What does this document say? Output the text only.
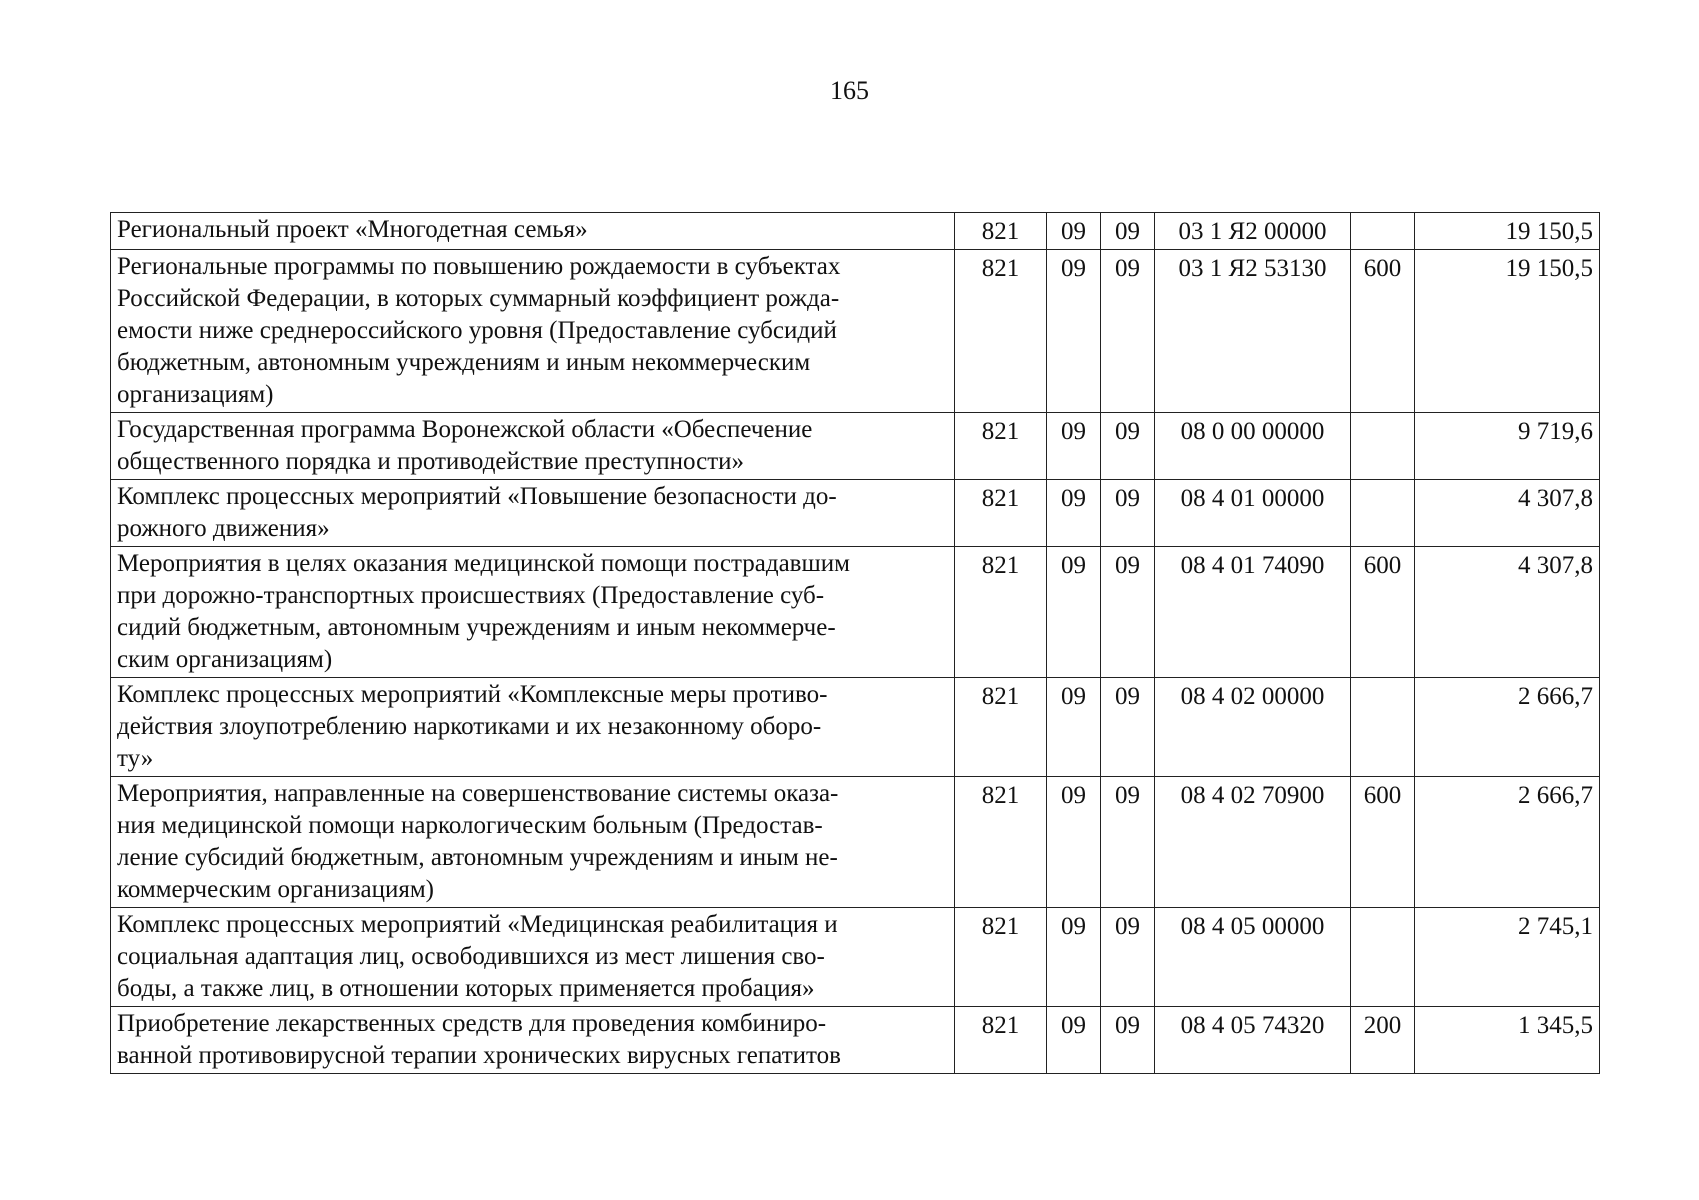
165
Региональный проект «Многодетная семья»	821	09	09	03 1 Я2 00000		19 150,5

Региональные программы по повышению рождаемости в субъектах
Российской Федерации, в которых суммарный коэффициент рожда-
емости ниже среднероссийского уровня (Предоставление субсидий
бюджетным, автономным учреждениям и иным некоммерческим
организациям)	821	09	09	03 1 Я2 53130	600	19 150,5

Государственная программа Воронежской области «Обеспечение
общественного порядка и противодействие преступности»	821	09	09	08 0 00 00000		9 719,6

Комплекс процессных мероприятий «Повышение безопасности до-
рожного движения»	821	09	09	08 4 01 00000		4 307,8

Мероприятия в целях оказания медицинской помощи пострадавшим
при дорожно-транспортных происшествиях (Предоставление суб-
сидий бюджетным, автономным учреждениям и иным некоммерче-
ским организациям)	821	09	09	08 4 01 74090	600	4 307,8

Комплекс процессных мероприятий «Комплексные меры противо-
действия злоупотреблению наркотиками и их незаконному оборо-
ту»	821	09	09	08 4 02 00000		2 666,7

Мероприятия, направленные на совершенствование системы оказа-
ния медицинской помощи наркологическим больным (Предостав-
ление субсидий бюджетным, автономным учреждениям и иным не-
коммерческим организациям)	821	09	09	08 4 02 70900	600	2 666,7

Комплекс процессных мероприятий «Медицинская реабилитация и
социальная адаптация лиц, освободившихся из мест лишения сво-
боды, а также лиц, в отношении которых применяется пробация»	821	09	09	08 4 05 00000		2 745,1

Приобретение лекарственных средств для проведения комбиниро-
ванной противовирусной терапии хронических вирусных гепатитов	821	09	09	08 4 05 74320	200	1 345,5
